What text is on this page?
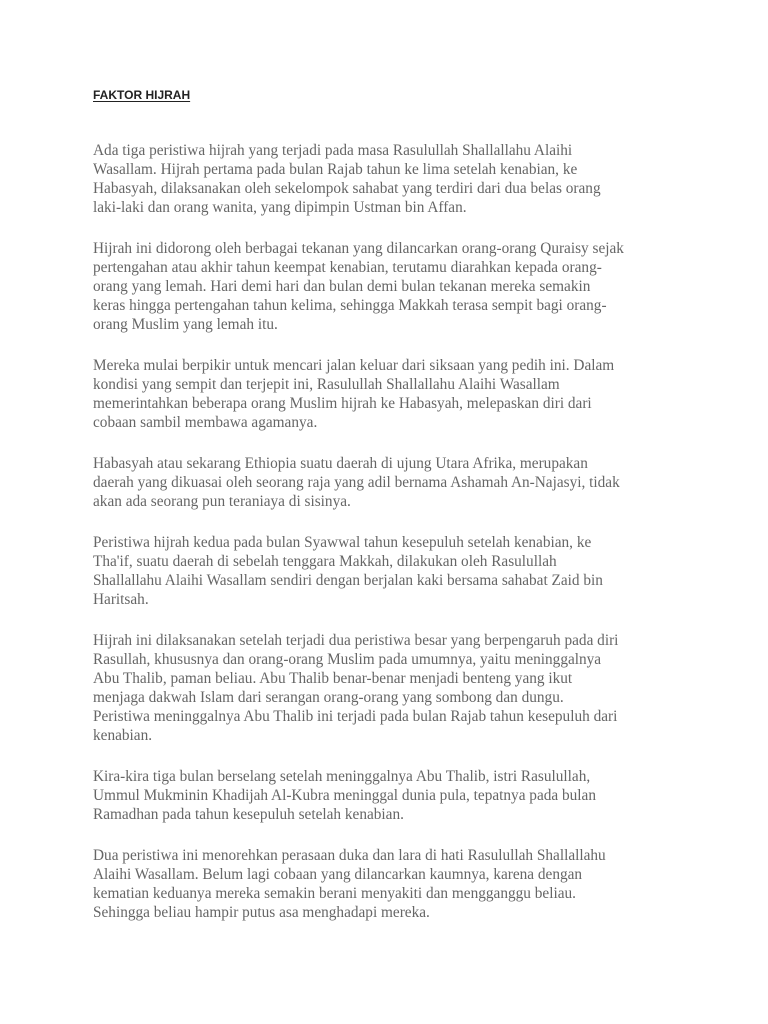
FAKTOR HIJRAH

Ada tiga peristiwa hijrah yang terjadi pada masa Rasulullah Shallallahu Alaihi
Wasallam. Hijrah pertama pada bulan Rajab tahun ke lima setelah kenabian, ke
Habasyah, dilaksanakan oleh sekelompok sahabat yang terdiri dari dua belas orang
laki-laki dan orang wanita, yang dipimpin Ustman bin Affan.

Hijrah ini didorong oleh berbagai tekanan yang dilancarkan orang-orang Quraisy sejak
pertengahan atau akhir tahun keempat kenabian, terutamu diarahkan kepada orang-
orang yang lemah. Hari demi hari dan bulan demi bulan tekanan mereka semakin
keras hingga pertengahan tahun kelima, sehingga Makkah terasa sempit bagi orang-
orang Muslim yang lemah itu.

Mereka mulai berpikir untuk mencari jalan keluar dari siksaan yang pedih ini. Dalam
kondisi yang sempit dan terjepit ini, Rasulullah Shallallahu Alaihi Wasallam
memerintahkan beberapa orang Muslim hijrah ke Habasyah, melepaskan diri dari
cobaan sambil membawa agamanya.

Habasyah atau sekarang Ethiopia suatu daerah di ujung Utara Afrika, merupakan
daerah yang dikuasai oleh seorang raja yang adil bernama Ashamah An-Najasyi, tidak
akan ada seorang pun teraniaya di sisinya.

Peristiwa hijrah kedua pada bulan Syawwal tahun kesepuluh setelah kenabian, ke
Tha'if, suatu daerah di sebelah tenggara Makkah, dilakukan oleh Rasulullah
Shallallahu Alaihi Wasallam sendiri dengan berjalan kaki bersama sahabat Zaid bin
Haritsah.

Hijrah ini dilaksanakan setelah terjadi dua peristiwa besar yang berpengaruh pada diri
Rasullah, khususnya dan orang-orang Muslim pada umumnya, yaitu meninggalnya
Abu Thalib, paman beliau. Abu Thalib benar-benar menjadi benteng yang ikut
menjaga dakwah Islam dari serangan orang-orang yang sombong dan dungu.
Peristiwa meninggalnya Abu Thalib ini terjadi pada bulan Rajab tahun kesepuluh dari
kenabian.

Kira-kira tiga bulan berselang setelah meninggalnya Abu Thalib, istri Rasulullah,
Ummul Mukminin Khadijah Al-Kubra meninggal dunia pula, tepatnya pada bulan
Ramadhan pada tahun kesepuluh setelah kenabian.

Dua peristiwa ini menorehkan perasaan duka dan lara di hati Rasulullah Shallallahu
Alaihi Wasallam. Belum lagi cobaan yang dilancarkan kaumnya, karena dengan
kematian keduanya mereka semakin berani menyakiti dan mengganggu beliau.
Sehingga beliau hampir putus asa menghadapi mereka.
